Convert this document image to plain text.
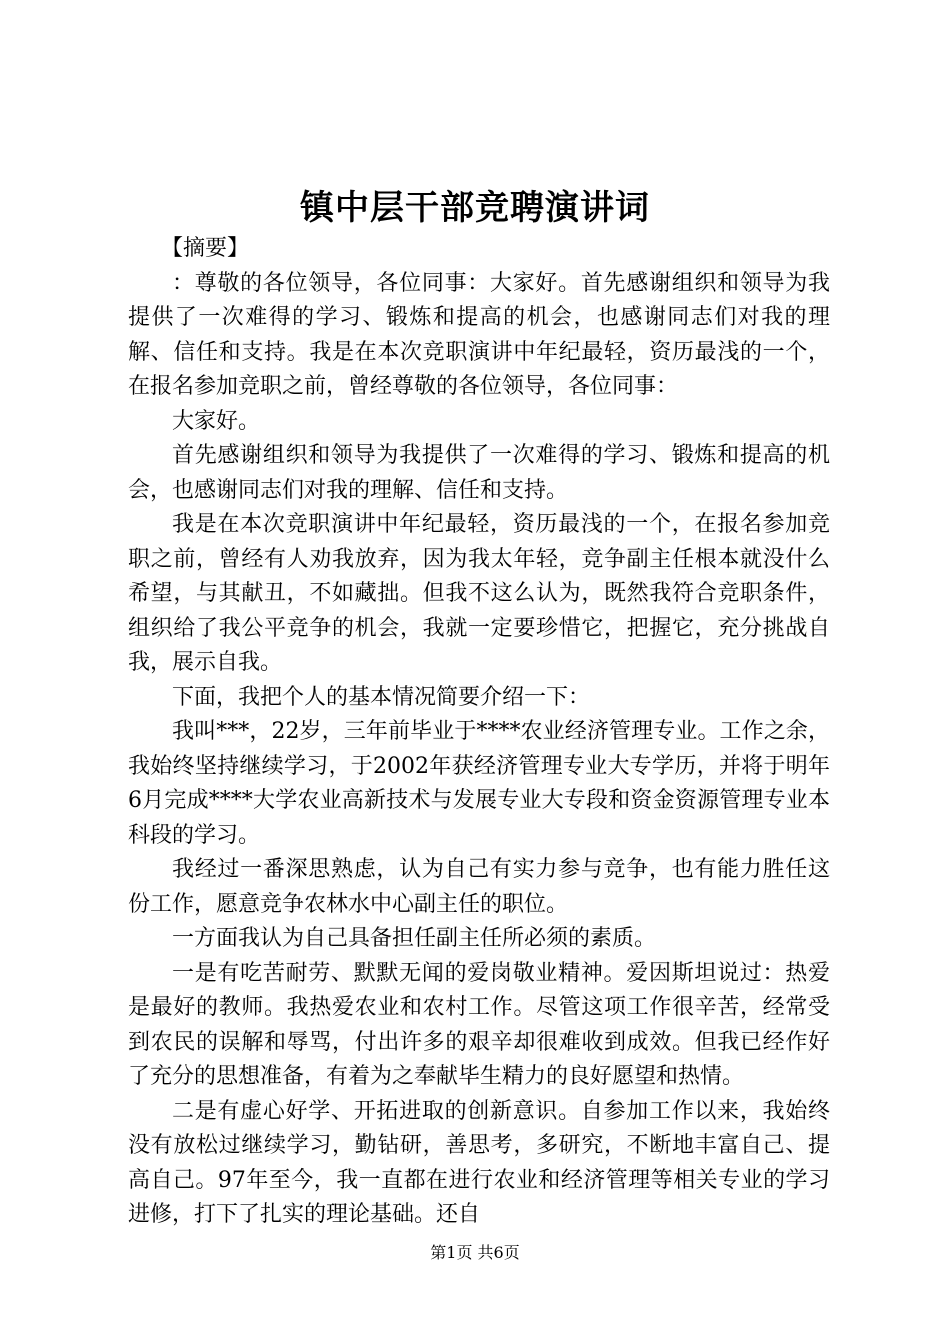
镇中层干部竞聘演讲词

【摘要】

：尊敬的各位领导，各位同事：大家好。首先感谢组织和领导为我提供了一次难得的学习、锻炼和提高的机会，也感谢同志们对我的理解、信任和支持。我是在本次竞职演讲中年纪最轻，资历最浅的一个，在报名参加竞职之前，曾经尊敬的各位领导，各位同事：

大家好。

首先感谢组织和领导为我提供了一次难得的学习、锻炼和提高的机会，也感谢同志们对我的理解、信任和支持。

我是在本次竞职演讲中年纪最轻，资历最浅的一个，在报名参加竞职之前，曾经有人劝我放弃，因为我太年轻，竞争副主任根本就没什么希望，与其献丑，不如藏拙。但我不这么认为，既然我符合竞职条件，组织给了我公平竞争的机会，我就一定要珍惜它，把握它，充分挑战自我，展示自我。

下面，我把个人的基本情况简要介绍一下：

我叫***，22岁，三年前毕业于****农业经济管理专业。工作之余，我始终坚持继续学习，于2002年获经济管理专业大专学历，并将于明年6月完成****大学农业高新技术与发展专业大专段和资金资源管理专业本科段的学习。

我经过一番深思熟虑，认为自己有实力参与竞争，也有能力胜任这份工作，愿意竞争农林水中心副主任的职位。

一方面我认为自己具备担任副主任所必须的素质。

一是有吃苦耐劳、默默无闻的爱岗敬业精神。爱因斯坦说过：热爱是最好的教师。我热爱农业和农村工作。尽管这项工作很辛苦，经常受到农民的误解和辱骂，付出许多的艰辛却很难收到成效。但我已经作好了充分的思想准备，有着为之奉献毕生精力的良好愿望和热情。

二是有虚心好学、开拓进取的创新意识。自参加工作以来，我始终没有放松过继续学习，勤钻研，善思考，多研究，不断地丰富自己、提高自己。97年至今，我一直都在进行农业和经济管理等相关专业的学习进修，打下了扎实的理论基础。还自

第1页 共6页
